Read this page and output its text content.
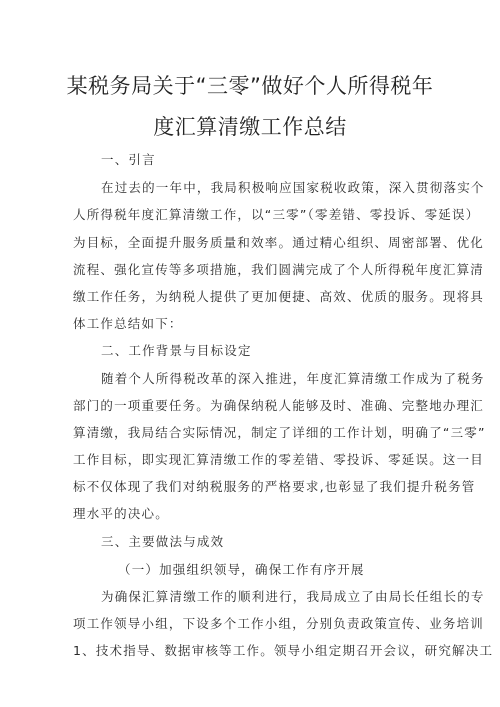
某税务局关于“三零”做好个人所得税年
度汇算清缴工作总结
一、引言
在过去的一年中，我局积极响应国家税收政策，深入贯彻落实个
人所得税年度汇算清缴工作，以“三零”（零差错、零投诉、零延误）
为目标，全面提升服务质量和效率。通过精心组织、周密部署、优化
流程、强化宣传等多项措施，我们圆满完成了个人所得税年度汇算清
缴工作任务，为纳税人提供了更加便捷、高效、优质的服务。现将具
体工作总结如下：
二、工作背景与目标设定
随着个人所得税改革的深入推进，年度汇算清缴工作成为了税务
部门的一项重要任务。为确保纳税人能够及时、准确、完整地办理汇
算清缴，我局结合实际情况，制定了详细的工作计划，明确了“三零”
工作目标，即实现汇算清缴工作的零差错、零投诉、零延误。这一目
标不仅体现了我们对纳税服务的严格要求,也彰显了我们提升税务管
理水平的决心。
三、主要做法与成效
（一）加强组织领导，确保工作有序开展
为确保汇算清缴工作的顺利进行，我局成立了由局长任组长的专
项工作领导小组，下设多个工作小组，分别负责政策宣传、业务培训
1、技术指导、数据审核等工作。领导小组定期召开会议，研究解决工
